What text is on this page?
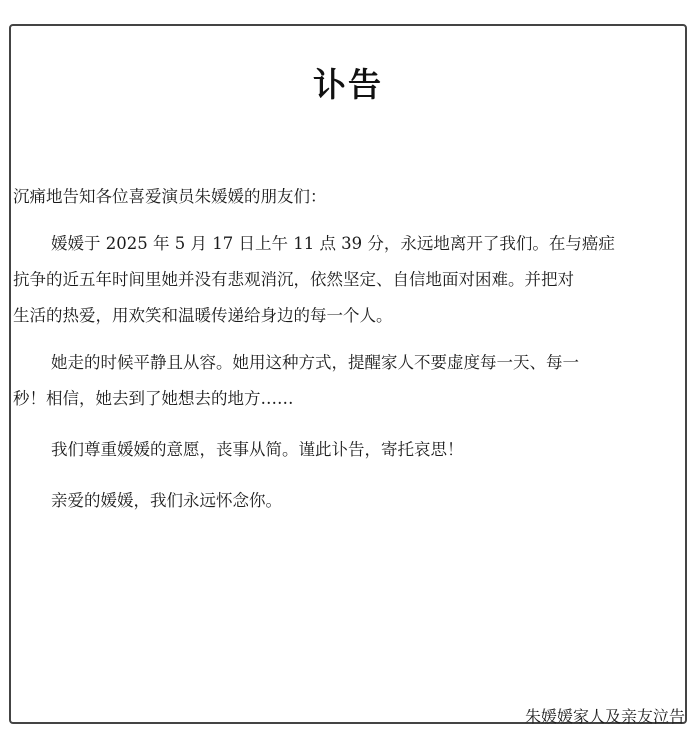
讣告
沉痛地告知各位喜爱演员朱媛媛的朋友们：
媛媛于 2025 年 5 月 17 日上午 11 点 39 分，永远地离开了我们。在与癌症
抗争的近五年时间里她并没有悲观消沉，依然坚定、自信地面对困难。并把对
生活的热爱，用欢笑和温暖传递给身边的每一个人。
她走的时候平静且从容。她用这种方式，提醒家人不要虚度每一天、每一
秒！相信，她去到了她想去的地方……
我们尊重媛媛的意愿，丧事从简。谨此讣告，寄托哀思！
亲爱的媛媛，我们永远怀念你。
朱媛媛家人及亲友泣告
